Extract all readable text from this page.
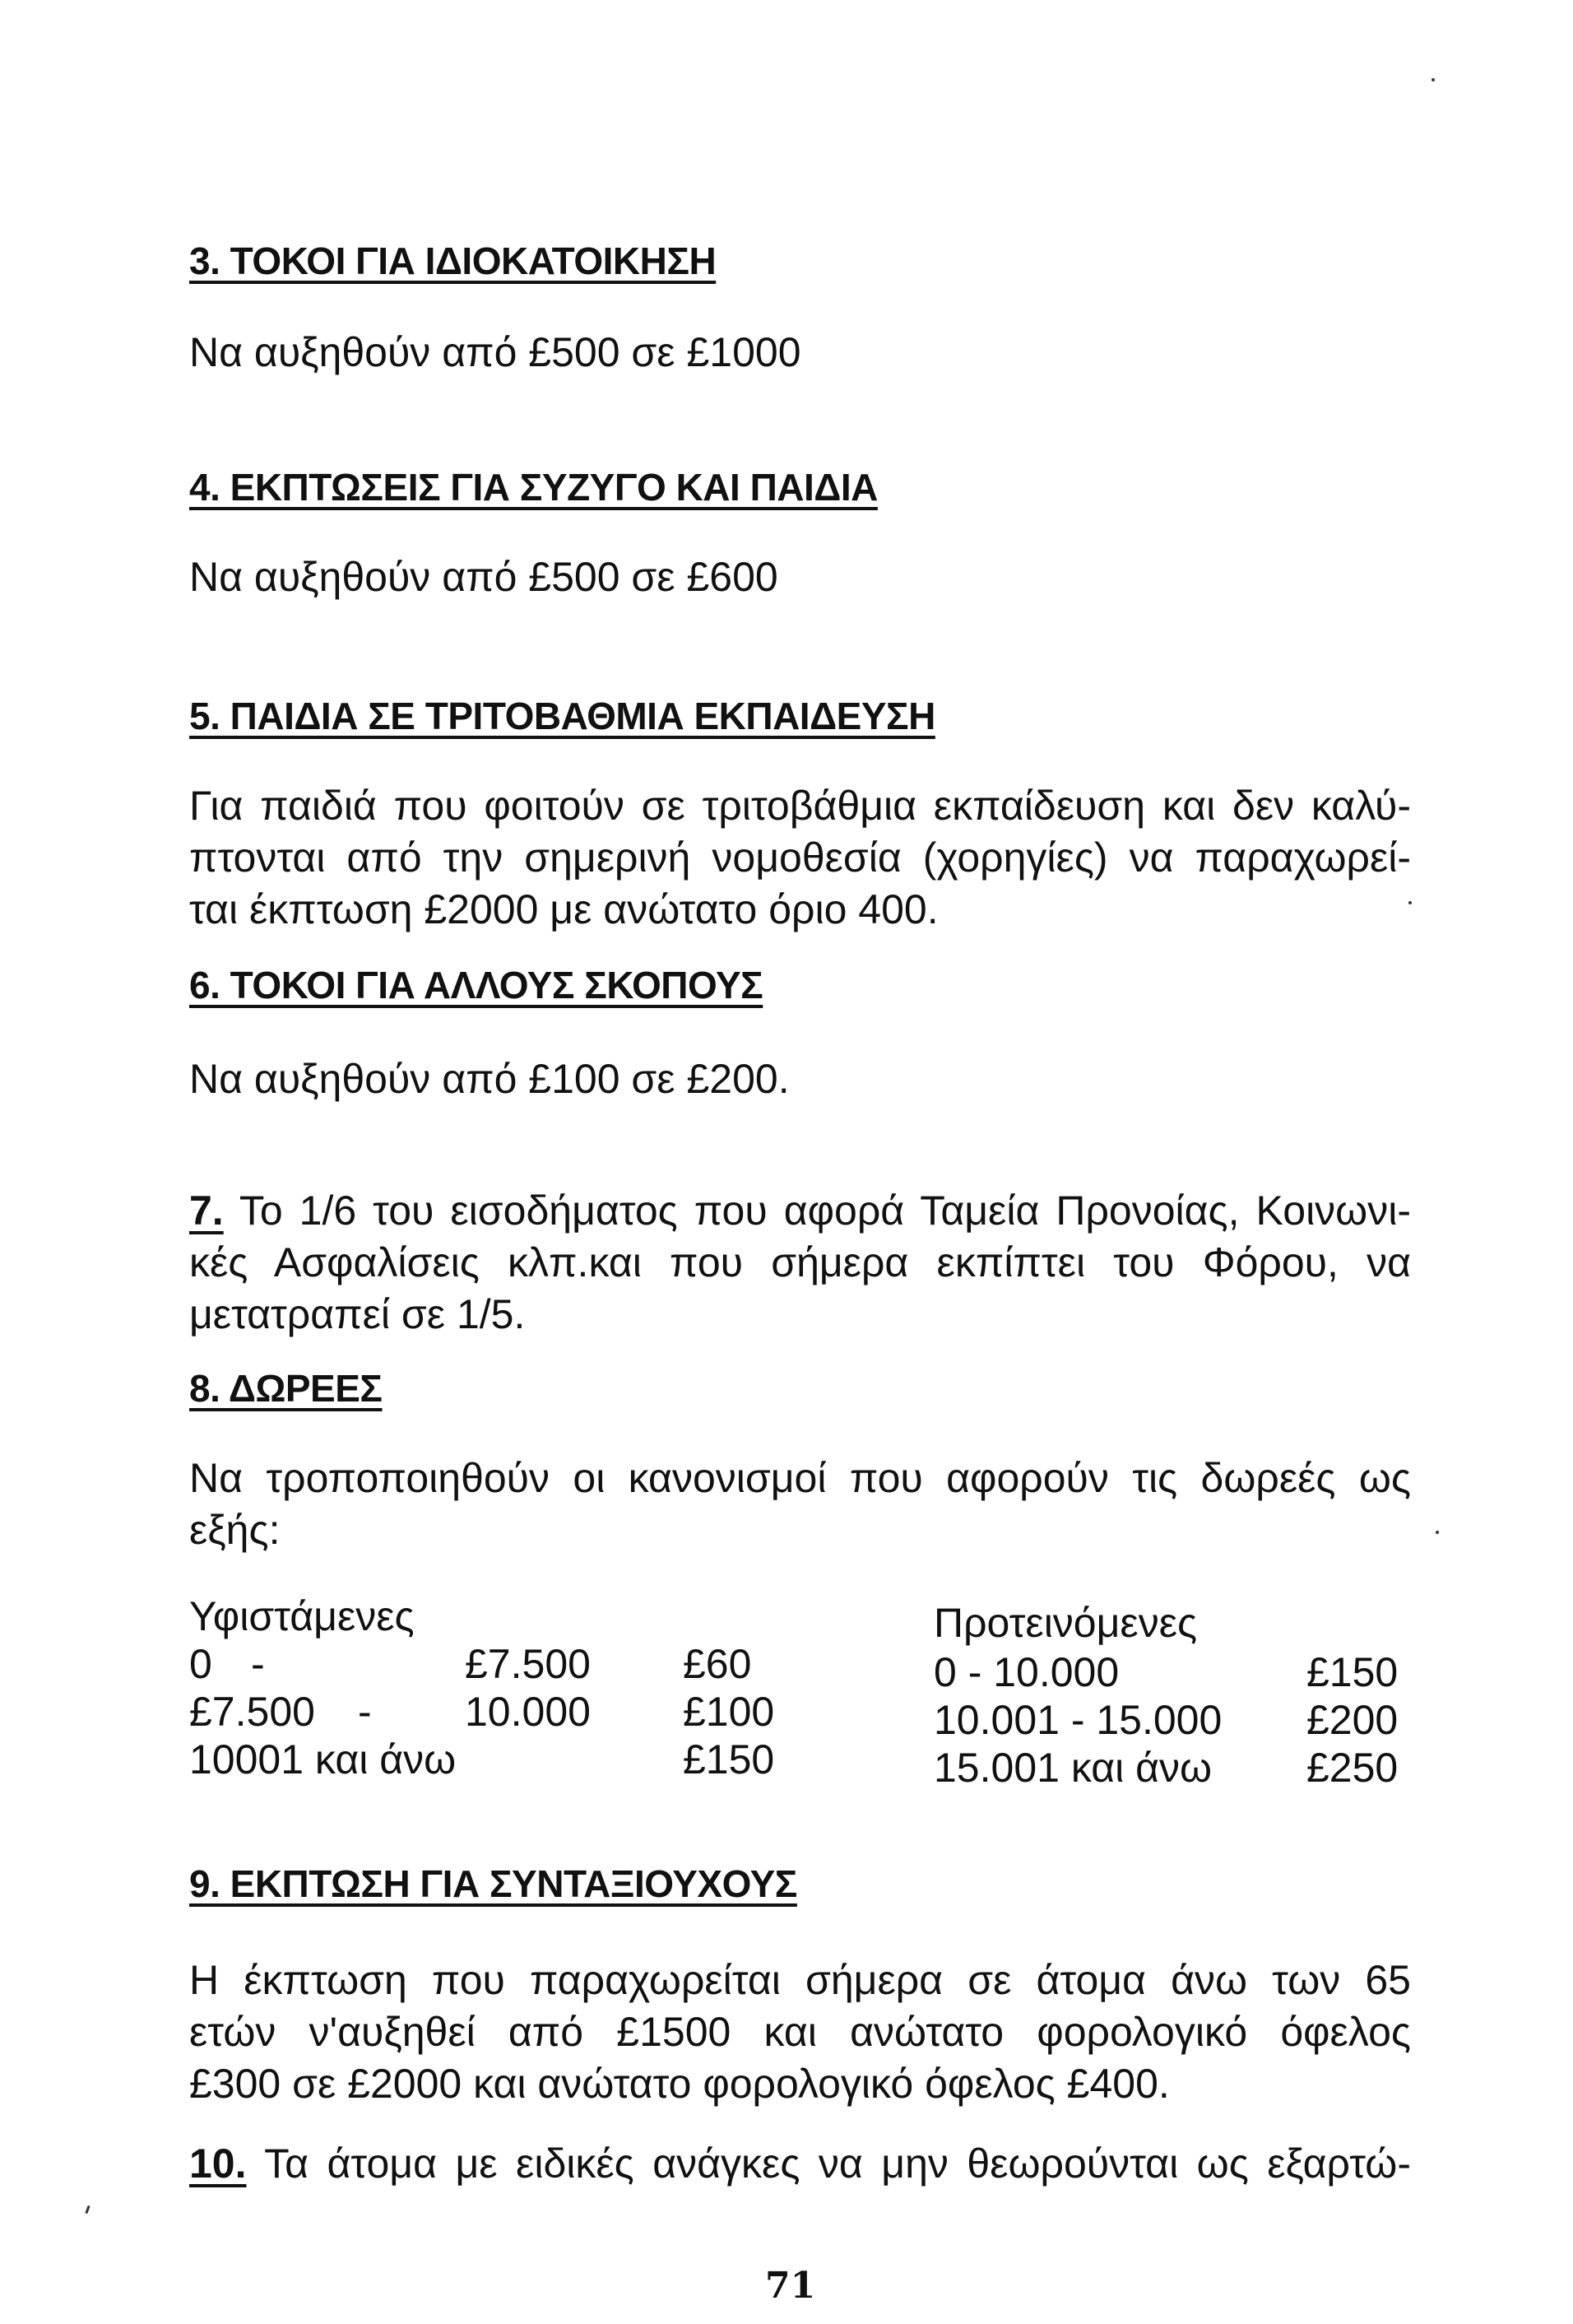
3. ΤΟΚΟΙ ΓΙΑ ΙΔΙΟΚΑΤΟΙΚΗΣΗ
Να αυξηθούν από £500 σε £1000
4. ΕΚΠΤΩΣΕΙΣ ΓΙΑ ΣΥΖΥΓΟ ΚΑΙ ΠΑΙΔΙΑ
Να αυξηθούν από £500 σε £600
5. ΠΑΙΔΙΑ ΣΕ ΤΡΙΤΟΒΑΘΜΙΑ ΕΚΠΑΙΔΕΥΣΗ
Για παιδιά που φοιτούν σε τριτοβάθμια εκπαίδευση και δεν καλύ-
πτονται από την σημερινή νομοθεσία (χορηγίες) να παραχωρεί-
ται έκπτωση £2000 με ανώτατο όριο 400.
6. ΤΟΚΟΙ ΓΙΑ ΑΛΛΟΥΣ ΣΚΟΠΟΥΣ
Να αυξηθούν από £100 σε £200.
7. Το 1/6 του εισοδήματος που αφορά Ταμεία Προνοίας, Κοινωνι-
κές Ασφαλίσεις κλπ.και που σήμερα εκπίπτει του Φόρου, να
μετατραπεί σε 1/5.
8. ΔΩΡΕΕΣ
Να τροποποιηθούν οι κανονισμοί που αφορούν τις δωρεές ως
εξής:
Υφιστάμενες
0 -	£7.500 £60
£7.500 - 10.000 £100
10001 και άνω	£150
Προτεινόμενες
0 - 10.000	£150
10.001 - 15.000 £200
15.001 και άνω £250
9. ΕΚΠΤΩΣΗ ΓΙΑ ΣΥΝΤΑΞΙΟΥΧΟΥΣ
Η έκπτωση που παραχωρείται σήμερα σε άτομα άνω των 65
ετών ν'αυξηθεί από £1500 και ανώτατο φορολογικό όφελος
£300 σε £2000 και ανώτατο φορολογικό όφελος £400.
10. Τα άτομα με ειδικές ανάγκες να μην θεωρούνται ως εξαρτώ-
71
